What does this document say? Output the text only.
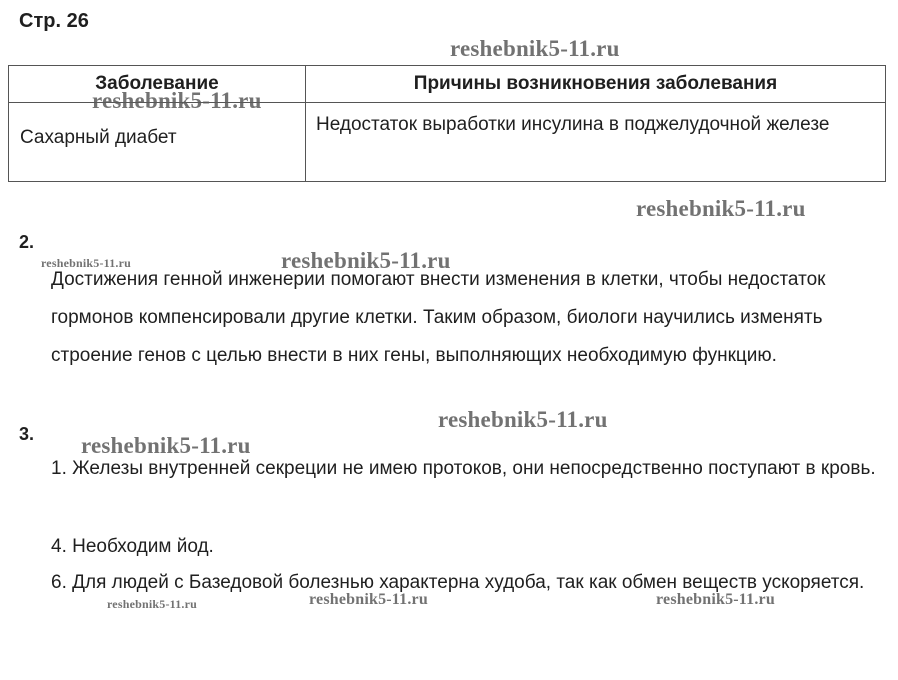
Стр. 26
Заболевание	Причины возникновения заболевания

Сахарный диабет	Недостаток выработки инсулина в поджелудочной железе
2.
Достижения генной инженерии помогают внести изменения в клетки, чтобы недостаток гормонов компенсировали другие клетки. Таким образом, биологи научились изменять строение генов с целью внести в них гены, выполняющих необходимую функцию.
3.
1. Железы внутренней секреции не имею протоков, они непосредственно поступают в кровь.
4. Необходим йод.
6. Для людей с Базедовой болезнью характерна худоба, так как обмен веществ ускоряется.
reshebnik5-11.ru
reshebnik5-11.ru
reshebnik5-11.ru
reshebnik5-11.ru
reshebnik5-11.ru
reshebnik5-11.ru
reshebnik5-11.ru
reshebnik5-11.ru	reshebnik5-11.ru	reshebnik5-11.ru
